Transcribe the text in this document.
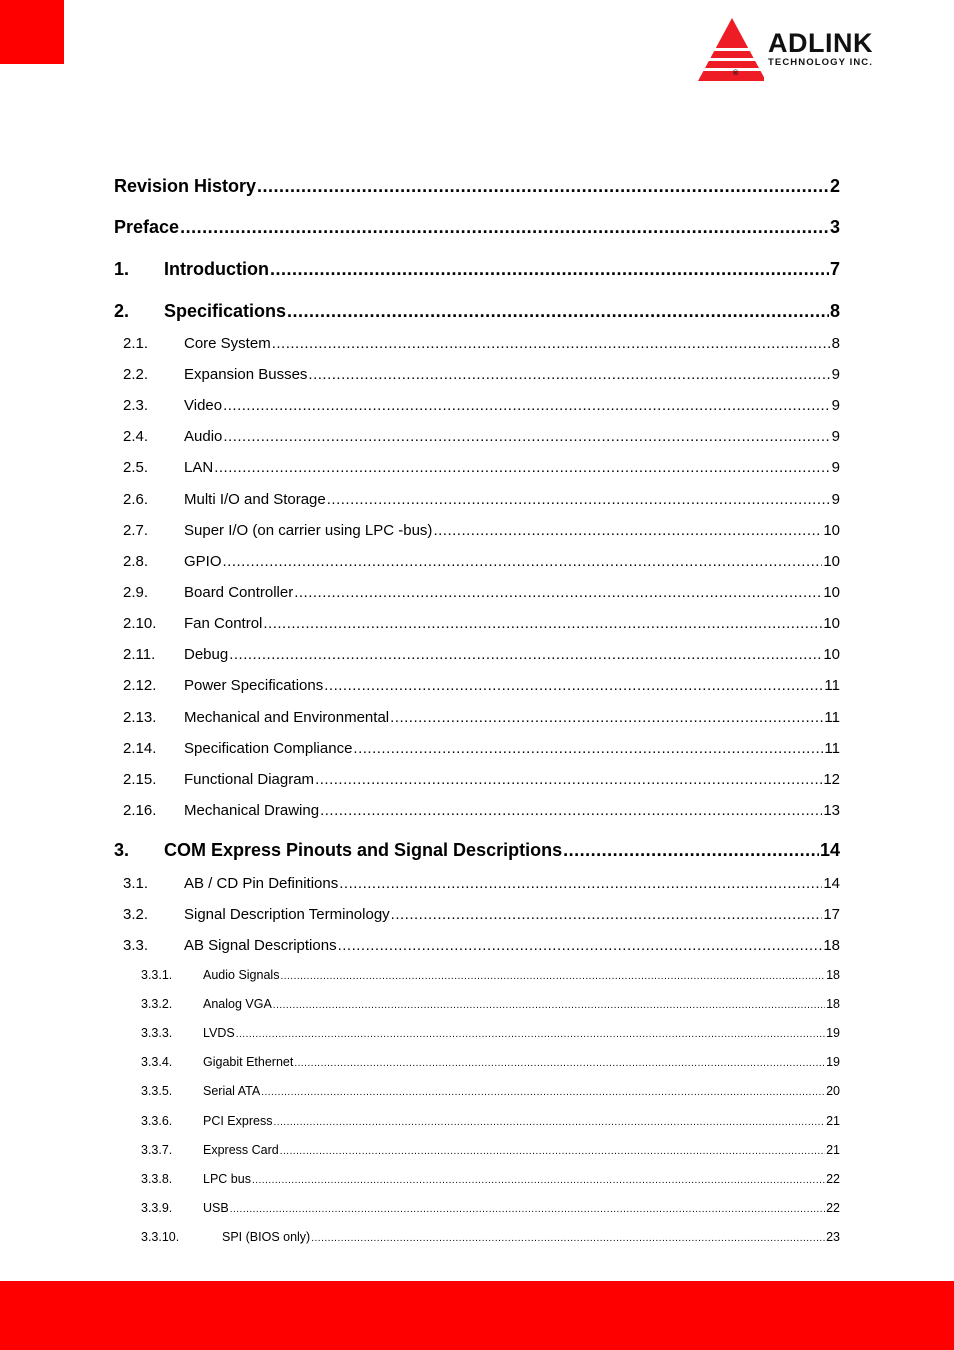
ADLINK
TECHNOLOGY $INC._®$
Revision History .....	2
Preface .....	3
1.	Introduction .....	7
2.	Specifications .....	8
2.1.	Core System .....	8
2.2.	Expansion Busses .....	9
2.3.	Video .....	9
2.4.	Audio .....	9
2.5.	LAN .....	9
2.6.	Multi I/O and Storage .....	9
2.7.	Super I/O (on carrier using LPC -bus) .....	10
2.8.	GPIO .....	10
2.9.	Board Controller .....	10
2.10.	Fan Control .....	10
2.11.	Debug .....	10
2.12.	Power Specifications .....	11
2.13.	Mechanical and Environmental .....	11
2.14.	Specification Compliance .....	11
2.15.	Functional Diagram .....	12
2.16.	Mechanical Drawing .....	13
3.	COM Express Pinouts and Signal Descriptions .....	14
3.1.	AB / CD Pin Definitions .....	14
3.2.	Signal Description Terminology .....	17
3.3.	AB Signal Descriptions .....	18
3.3.1.	Audio Signals .....	18
3.3.2.	Analog VGA .....	18
3.3.3.	LVDS .....	19
3.3.4.	Gigabit Ethernet .....	19
3.3.5.	Serial ATA .....	20
3.3.6.	PCI Express .....	21
3.3.7.	Express Card .....	21
3.3.8.	LPC bus .....	22
3.3.9.	USB .....	22
3.3.10.	SPI (BIOS only) .....	23
